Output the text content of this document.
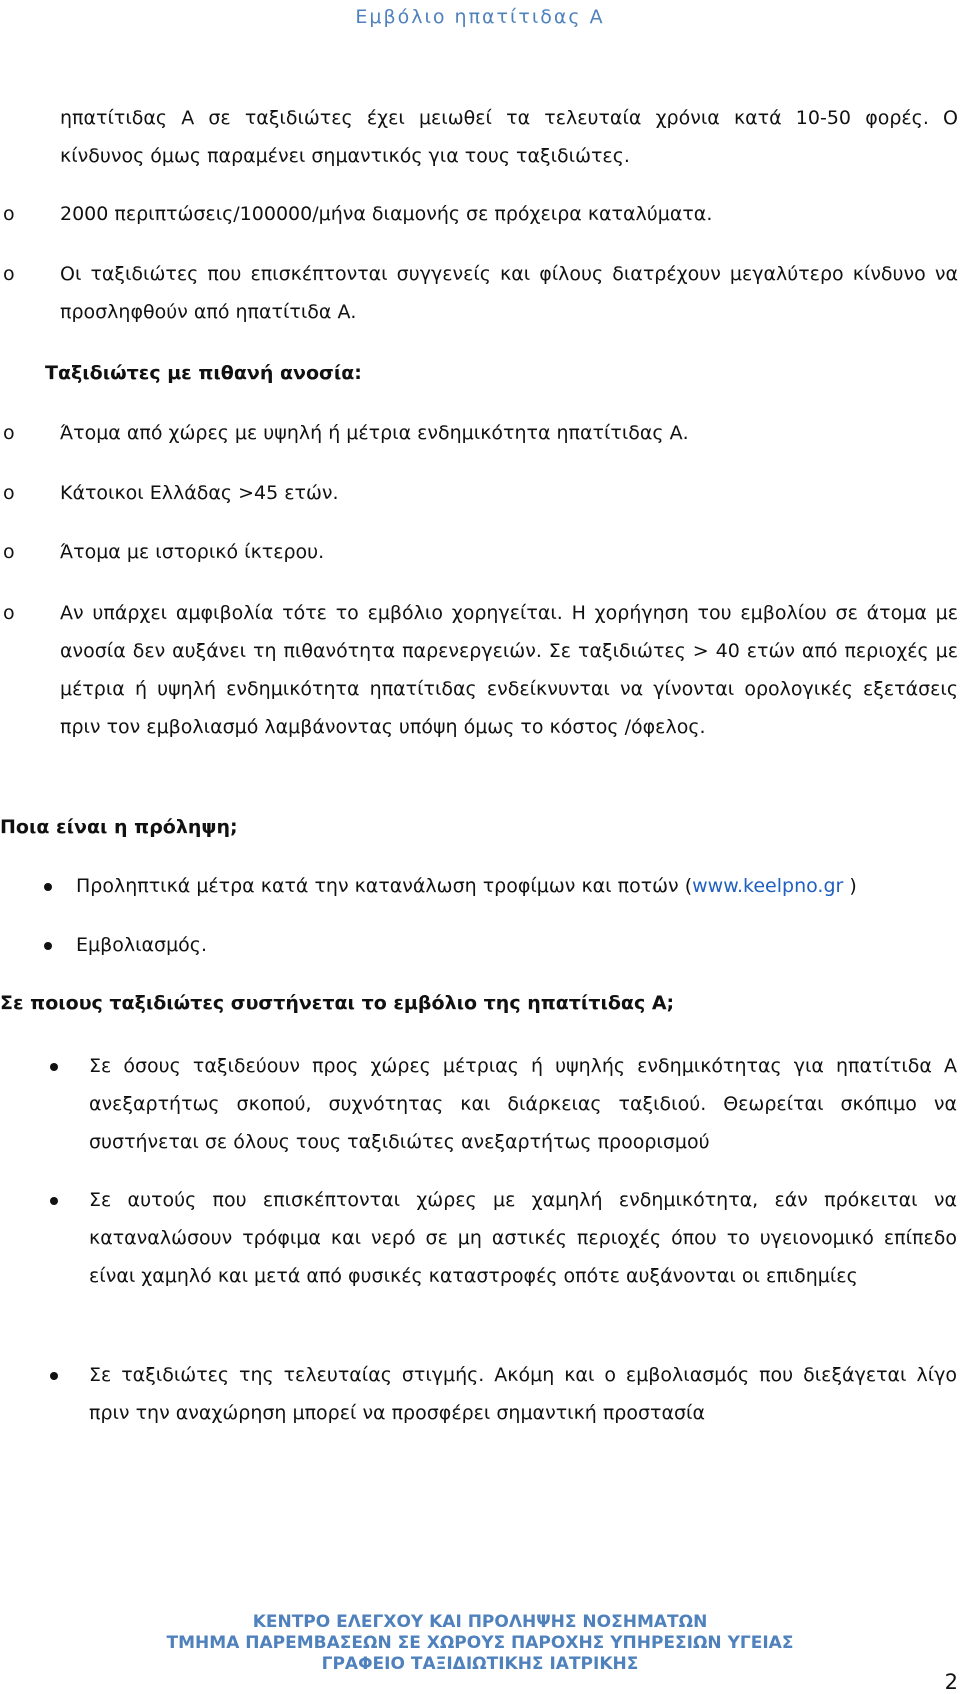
Εμβόλιο ηπατίτιδας Α
ηπατίτιδας Α σε ταξιδιώτες έχει μειωθεί τα τελευταία χρόνια κατά 10-50 φορές. Ο
κίνδυνος όμως παραμένει σημαντικός για τους ταξιδιώτες.
o 2000 περιπτώσεις/100000/μήνα διαμονής σε πρόχειρα καταλύματα.
o Οι ταξιδιώτες που επισκέπτονται συγγενείς και φίλους διατρέχουν μεγαλύτερο κίνδυνο να προσληφθούν από ηπατίτιδα Α.
Ταξιδιώτες με πιθανή ανοσία:
o Άτομα από χώρες με υψηλή ή μέτρια ενδημικότητα ηπατίτιδας Α.
o Κάτοικοι Ελλάδας >45 ετών.
o Άτομα με ιστορικό ίκτερου.
o Αν υπάρχει αμφιβολία τότε το εμβόλιο χορηγείται. Η χορήγηση του εμβολίου σε άτομα με ανοσία δεν αυξάνει τη πιθανότητα παρενεργειών. Σε ταξιδιώτες > 40 ετών από περιοχές με μέτρια ή υψηλή ενδημικότητα ηπατίτιδας ενδείκνυνται να γίνονται ορολογικές εξετάσεις πριν τον εμβολιασμό λαμβάνοντας υπόψη όμως το κόστος /όφελος.
Ποια είναι η πρόληψη;
Προληπτικά μέτρα κατά την κατανάλωση τροφίμων και ποτών (www.keelpno.gr )
Εμβολιασμός.
Σε ποιους ταξιδιώτες συστήνεται το εμβόλιο της ηπατίτιδας Α;
Σε όσους ταξιδεύουν προς χώρες μέτριας ή υψηλής ενδημικότητας για ηπατίτιδα Α ανεξαρτήτως σκοπού, συχνότητας και διάρκειας ταξιδιού. Θεωρείται σκόπιμο να συστήνεται σε όλους τους ταξιδιώτες ανεξαρτήτως προορισμού
Σε αυτούς που επισκέπτονται χώρες με χαμηλή ενδημικότητα, εάν πρόκειται να καταναλώσουν τρόφιμα και νερό σε μη αστικές περιοχές όπου το υγειονομικό επίπεδο είναι χαμηλό και μετά από φυσικές καταστροφές οπότε αυξάνονται οι επιδημίες
Σε ταξιδιώτες της τελευταίας στιγμής. Ακόμη και ο εμβολιασμός που διεξάγεται λίγο πριν την αναχώρηση μπορεί να προσφέρει σημαντική προστασία
ΚΕΝΤΡΟ ΕΛΕΓΧΟΥ ΚΑΙ ΠΡΟΛΗΨΗΣ ΝΟΣΗΜΑΤΩΝ
ΤΜΗΜΑ ΠΑΡΕΜΒΑΣΕΩΝ ΣΕ ΧΩΡΟΥΣ ΠΑΡΟΧΗΣ ΥΠΗΡΕΣΙΩΝ ΥΓΕΙΑΣ
ΓΡΑΦΕΙΟ ΤΑΞΙΔΙΩΤΙΚΗΣ ΙΑΤΡΙΚΗΣ
2
